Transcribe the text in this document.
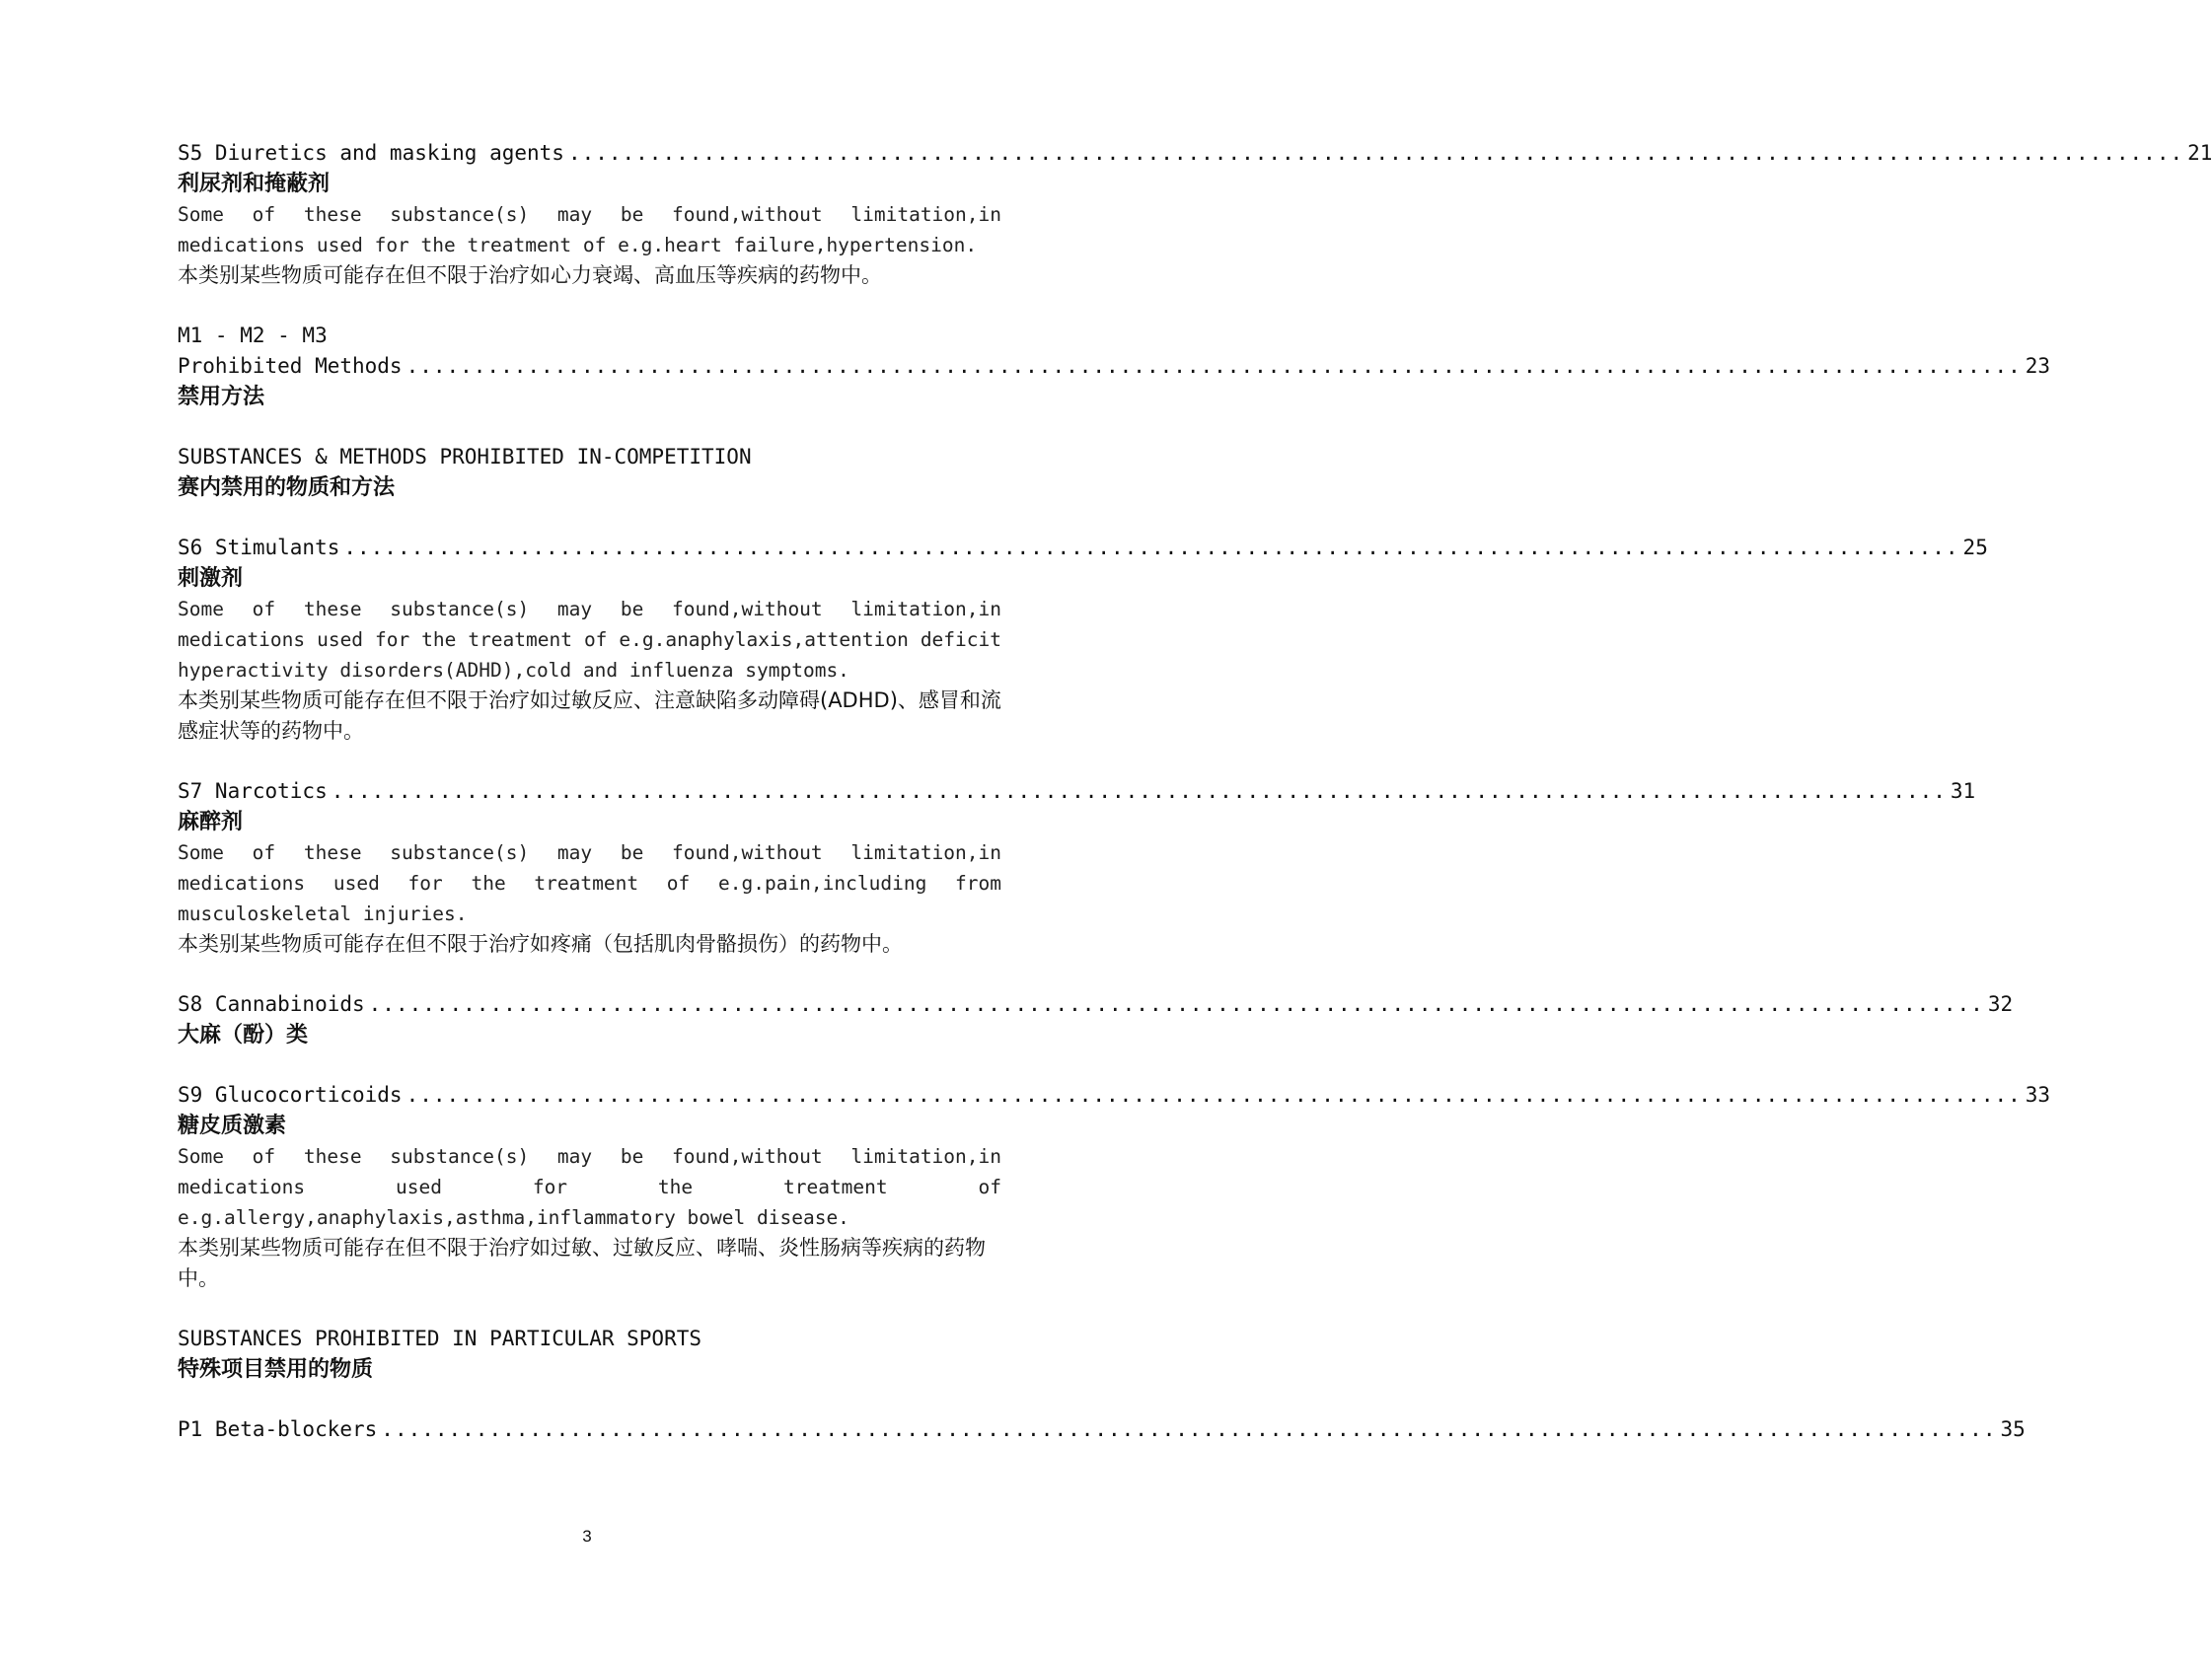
S5 Diuretics and masking agents ........................................................................................................................ 21
利尿剂和掩蔽剂
Some of these substance(s) may be found,without limitation,in medications used for the treatment of e.g.heart failure,hypertension.
本类别某些物质可能存在但不限于治疗如心力衰竭、高血压等疾病的药物中。
M1 - M2 - M3
Prohibited Methods ........................................................................................................................ 23
禁用方法
SUBSTANCES & METHODS PROHIBITED IN-COMPETITION
赛内禁用的物质和方法
S6 Stimulants ........................................................................................................................ 25
刺激剂
Some of these substance(s) may be found,without limitation,in medications used for the treatment of e.g.anaphylaxis,attention deficit hyperactivity disorders(ADHD),cold and influenza symptoms.
本类别某些物质可能存在但不限于治疗如过敏反应、注意缺陷多动障碍(ADHD)、感冒和流感症状等的药物中。
S7 Narcotics ........................................................................................................................ 31
麻醉剂
Some of these substance(s) may be found,without limitation,in medications used for the treatment of e.g.pain,including from musculoskeletal injuries.
本类别某些物质可能存在但不限于治疗如疼痛（包括肌肉骨骼损伤）的药物中。
S8 Cannabinoids ........................................................................................................................ 32
大麻（酚）类
S9 Glucocorticoids ........................................................................................................................ 33
糖皮质激素
Some of these substance(s) may be found,without limitation,in medications used for the treatment of e.g.allergy,anaphylaxis,asthma,inflammatory bowel disease.
本类别某些物质可能存在但不限于治疗如过敏、过敏反应、哮喘、炎性肠病等疾病的药物中。
SUBSTANCES PROHIBITED IN PARTICULAR SPORTS
特殊项目禁用的物质
P1 Beta-blockers ........................................................................................................................ 35
3
